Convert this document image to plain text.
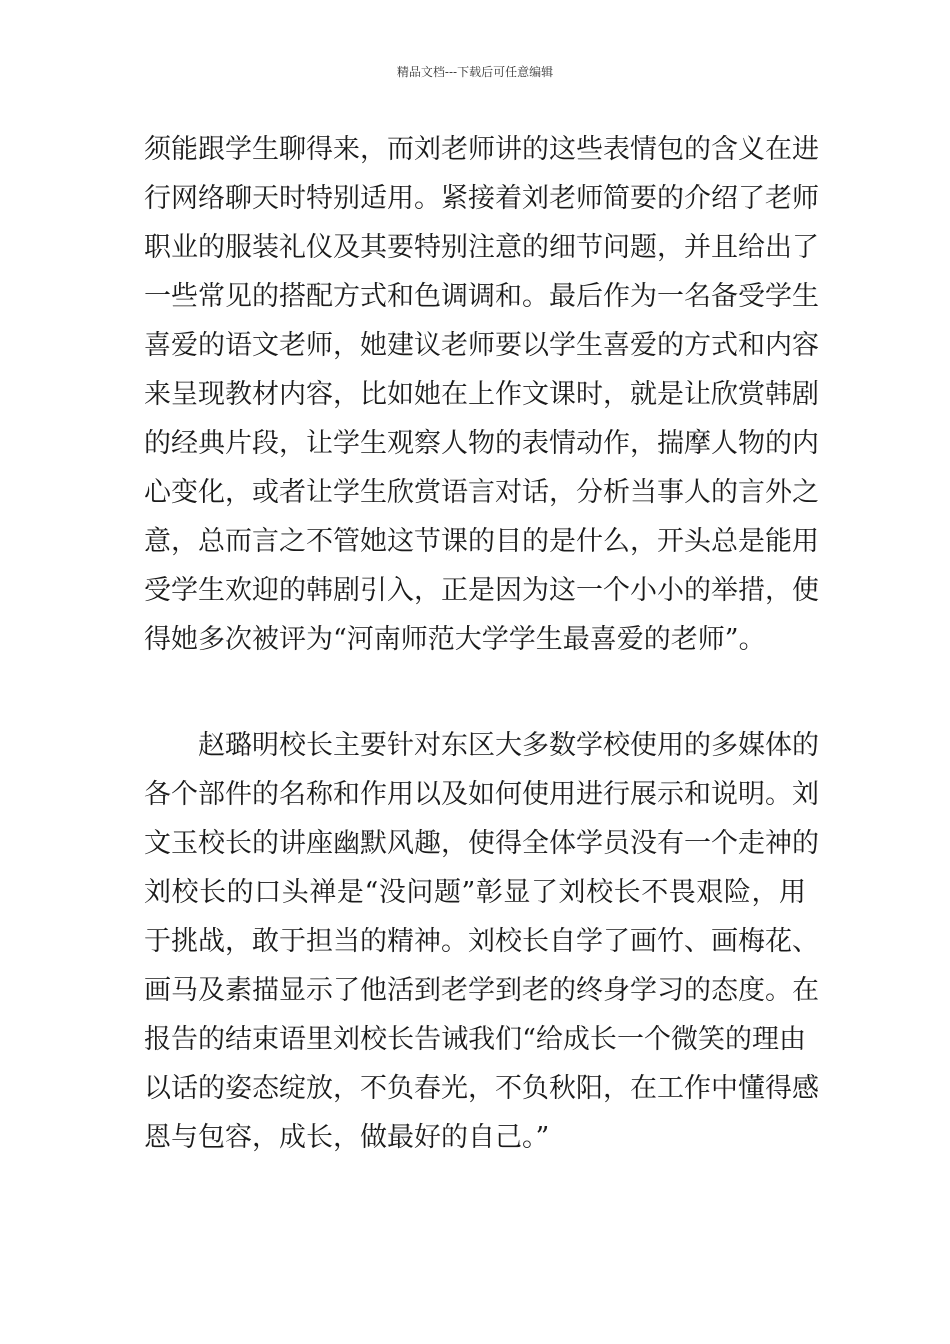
精品文档---下载后可任意编辑
须能跟学生聊得来，而刘老师讲的这些表情包的含义在进
行网络聊天时特别适用。紧接着刘老师简要的介绍了老师
职业的服装礼仪及其要特别注意的细节问题，并且给出了
一些常见的搭配方式和色调调和。最后作为一名备受学生
喜爱的语文老师，她建议老师要以学生喜爱的方式和内容
来呈现教材内容，比如她在上作文课时，就是让欣赏韩剧
的经典片段，让学生观察人物的表情动作，揣摩人物的内
心变化，或者让学生欣赏语言对话，分析当事人的言外之
意，总而言之不管她这节课的目的是什么，开头总是能用
受学生欢迎的韩剧引入，正是因为这一个小小的举措，使
得她多次被评为“河南师范大学学生最喜爱的老师”。
赵璐明校长主要针对东区大多数学校使用的多媒体的
各个部件的名称和作用以及如何使用进行展示和说明。刘
文玉校长的讲座幽默风趣，使得全体学员没有一个走神的
刘校长的口头禅是“没问题”彰显了刘校长不畏艰险，用
于挑战，敢于担当的精神。刘校长自学了画竹、画梅花、
画马及素描显示了他活到老学到老的终身学习的态度。在
报告的结束语里刘校长告诫我们“给成长一个微笑的理由
以话的姿态绽放，不负春光，不负秋阳，在工作中懂得感
恩与包容，成长，做最好的自己。”
